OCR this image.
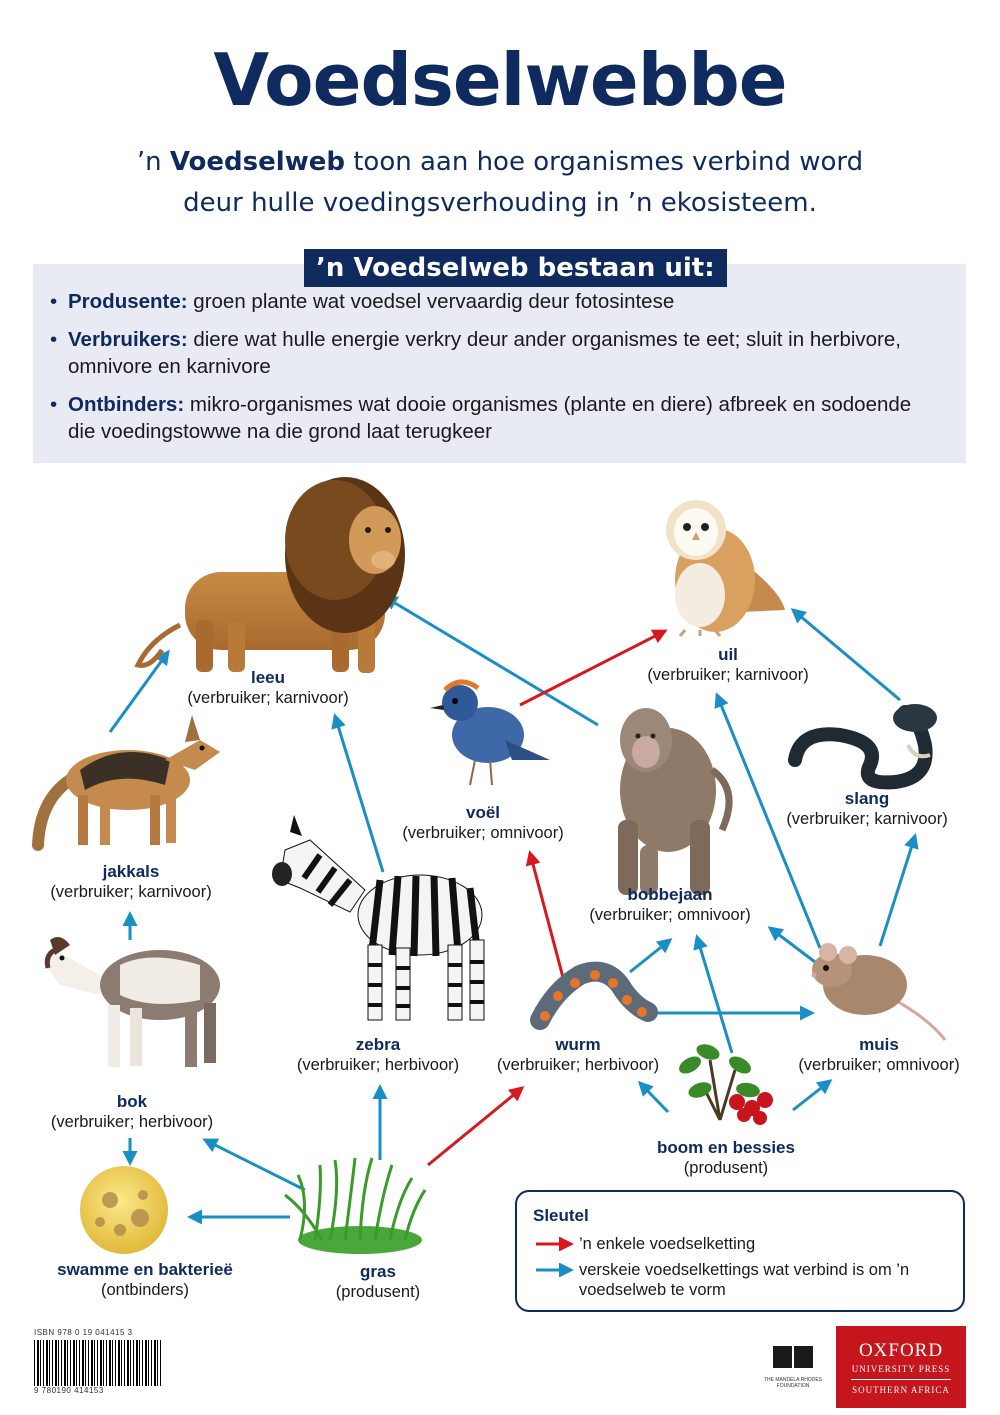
Voedselwebbe
’n Voedselweb toon aan hoe organismes verbind word
deur hulle voedingsverhouding in ’n ekosisteem.
’n Voedselweb bestaan uit:
• Produsente: groen plante wat voedsel vervaardig deur fotosintese
• Verbruikers: diere wat hulle energie verkry deur ander organismes te eet; sluit in herbivore, omnivore en karnivore
• Ontbinders: mikro-organismes wat dooie organismes (plante en diere) afbreek en sodoende die voedingstowwe na die grond laat terugkeer
leeu
(verbruiker; karnivoor)
uil
(verbruiker; karnivoor)
voël
(verbruiker; omnivoor)
slang
(verbruiker; karnivoor)
jakkals
(verbruiker; karnivoor)	bobbejaan
(verbruiker; omnivoor)
zebra
(verbruiker; herbivoor)
wurm
(verbruiker; herbivoor)
muis
(verbruiker; omnivoor)
bok
(verbruiker; herbivoor)
boom en bessies
(produsent)
swamme en bakterieë
(ontbinders)
gras
(produsent)
Sleutel
’n enkele voedselketting
verskeie voedselkettings wat verbind is om ’n voedselweb te vorm
ISBN 978 0 19 041415 3
9 780190 414153
THE MANDELA RHODES FOUNDATION
OXFORD
UNIVERSITY PRESS
SOUTHERN AFRICA
